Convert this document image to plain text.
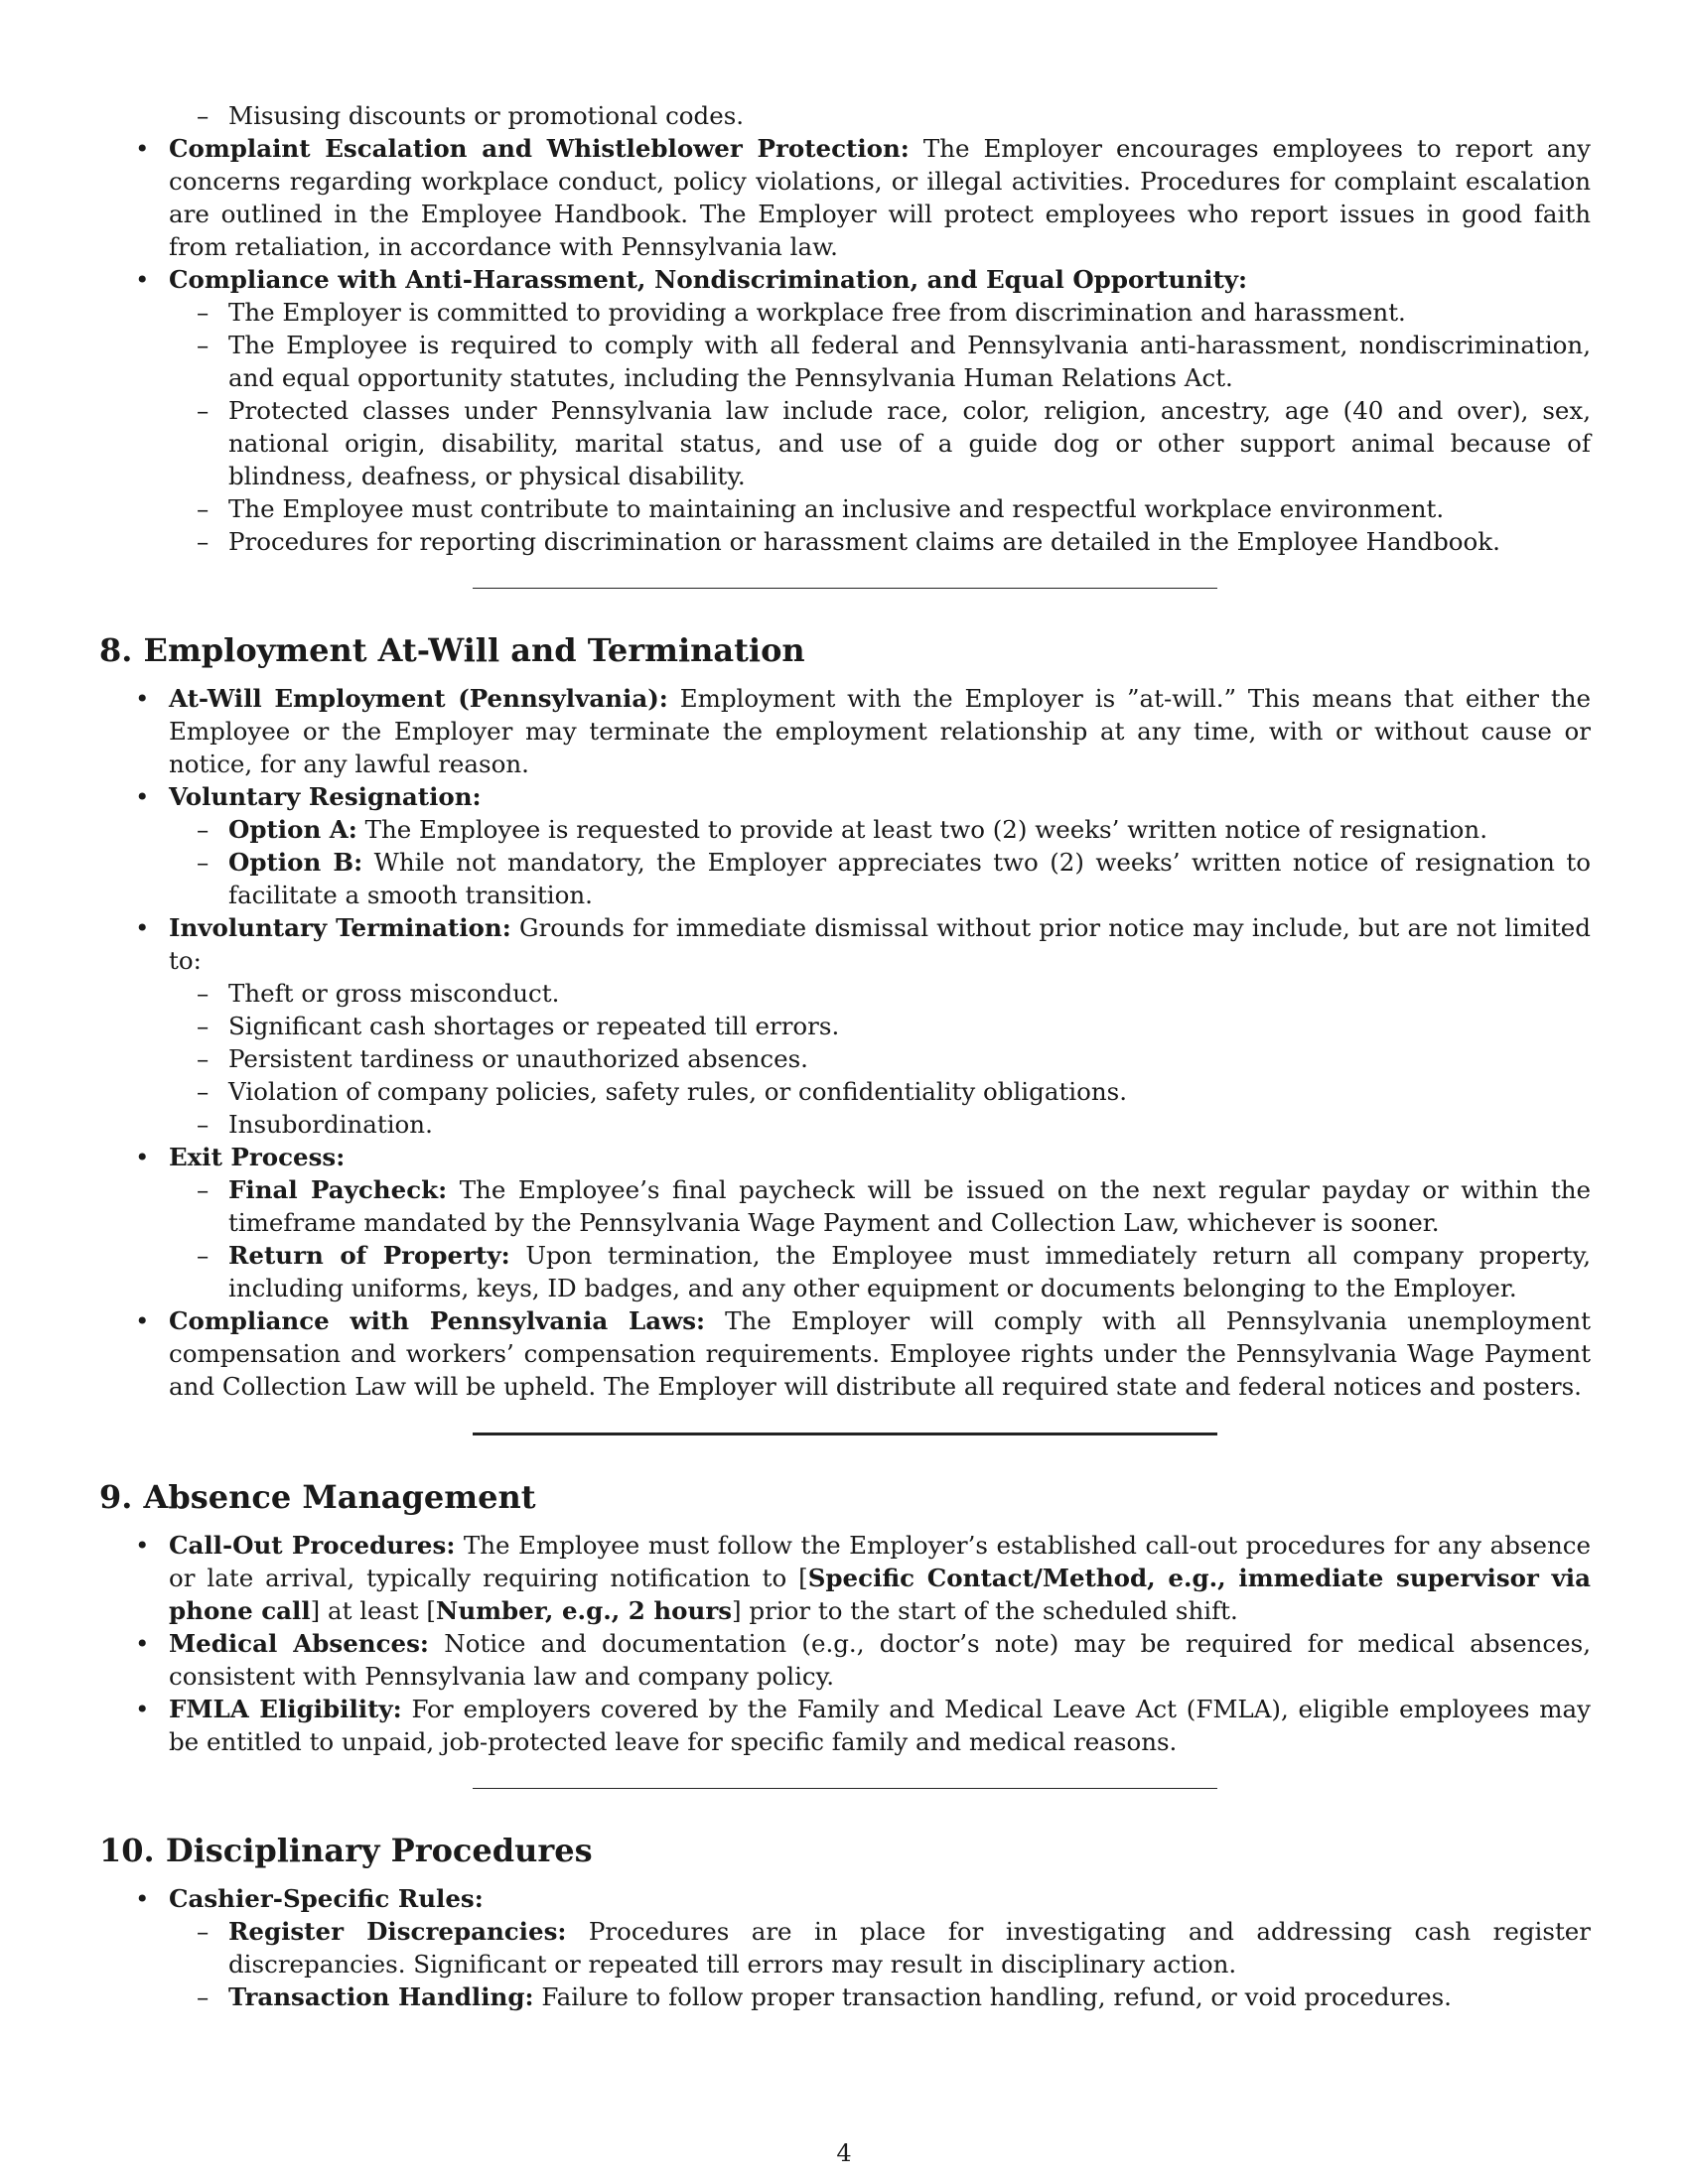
– Misusing discounts or promotional codes.
• Complaint Escalation and Whistleblower Protection: The Employer encourages employees to report any concerns regarding workplace conduct, policy violations, or illegal activities. Procedures for complaint escalation are outlined in the Employee Handbook. The Employer will protect employees who report issues in good faith from retaliation, in accordance with Pennsylvania law.
• Compliance with Anti-Harassment, Nondiscrimination, and Equal Opportunity:
– The Employer is committed to providing a workplace free from discrimination and harassment.
– The Employee is required to comply with all federal and Pennsylvania anti-harassment, nondiscrimination, and equal opportunity statutes, including the Pennsylvania Human Relations Act.
– Protected classes under Pennsylvania law include race, color, religion, ancestry, age (40 and over), sex, national origin, disability, marital status, and use of a guide dog or other support animal because of blindness, deafness, or physical disability.
– The Employee must contribute to maintaining an inclusive and respectful workplace environment.
– Procedures for reporting discrimination or harassment claims are detailed in the Employee Handbook.
8. Employment At-Will and Termination
• At-Will Employment (Pennsylvania): Employment with the Employer is ”at-will.” This means that either the Employee or the Employer may terminate the employment relationship at any time, with or without cause or notice, for any lawful reason.
• Voluntary Resignation:
– Option A: The Employee is requested to provide at least two (2) weeks’ written notice of resignation.
– Option B: While not mandatory, the Employer appreciates two (2) weeks’ written notice of resignation to facilitate a smooth transition.
• Involuntary Termination: Grounds for immediate dismissal without prior notice may include, but are not limited to:
– Theft or gross misconduct.
– Significant cash shortages or repeated till errors.
– Persistent tardiness or unauthorized absences.
– Violation of company policies, safety rules, or confidentiality obligations.
– Insubordination.
• Exit Process:
– Final Paycheck: The Employee’s final paycheck will be issued on the next regular payday or within the timeframe mandated by the Pennsylvania Wage Payment and Collection Law, whichever is sooner.
– Return of Property: Upon termination, the Employee must immediately return all company property, including uniforms, keys, ID badges, and any other equipment or documents belonging to the Employer.
• Compliance with Pennsylvania Laws: The Employer will comply with all Pennsylvania unemployment compensation and workers’ compensation requirements. Employee rights under the Pennsylvania Wage Payment and Collection Law will be upheld. The Employer will distribute all required state and federal notices and posters.
9. Absence Management
• Call-Out Procedures: The Employee must follow the Employer’s established call-out procedures for any absence or late arrival, typically requiring notification to [Specific Contact/Method, e.g., immediate supervisor via phone call] at least [Number, e.g., 2 hours] prior to the start of the scheduled shift.
• Medical Absences: Notice and documentation (e.g., doctor’s note) may be required for medical absences, consistent with Pennsylvania law and company policy.
• FMLA Eligibility: For employers covered by the Family and Medical Leave Act (FMLA), eligible employees may be entitled to unpaid, job-protected leave for specific family and medical reasons.
10. Disciplinary Procedures
• Cashier-Specific Rules:
– Register Discrepancies: Procedures are in place for investigating and addressing cash register discrepancies. Significant or repeated till errors may result in disciplinary action.
– Transaction Handling: Failure to follow proper transaction handling, refund, or void procedures.
4
